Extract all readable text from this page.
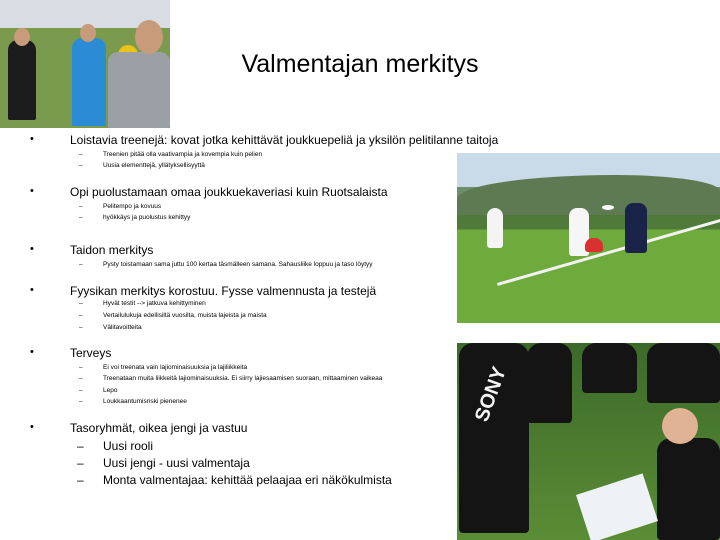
SONY
Valmentajan merkitys
•	Loistavia treenejä: kovat jotka kehittävät joukkuepeliä ja yksilön pelitilanne taitoja
–	Treenien pitää olla vaativampia ja kovempia kuin pelien
–	Uusia elementtejä, yllätyksellisyyttä
•	Opi puolustamaan omaa joukkuekaveriasi kuin Ruotsalaista
–	Pelitempo ja kovuus
–	hyökkäys ja puolustus kehittyy
•	Taidon merkitys
–	Pysty toistamaan sama juttu 100 kertaa täsmälleen samana. Sahausliike loppuu ja taso löytyy
•	Fyysikan merkitys korostuu. Fysse valmennusta ja testejä
–	Hyvät testit --> jatkuva kehittyminen
–	Vertailulukuja edellisiltä vuosilta, muista lajeista ja maista
–	Välitavoitteita
•	Terveys
–	Ei voi treenata vain lajiominaisuuksia ja lajiliikkeita
–	Treenataan muita liikkeitä lajiominaisuuksia. Ei siirry lajiesaamisen suoraan, mittaaminen vaikeaa
–	Lepo
–	Loukkaantumisriski pienenee
•	Tasoryhmät, oikea jengi ja vastuu
– Uusi rooli
– Uusi jengi - uusi valmentaja
– Monta valmentajaa: kehittää pelaajaa eri näkökulmista
